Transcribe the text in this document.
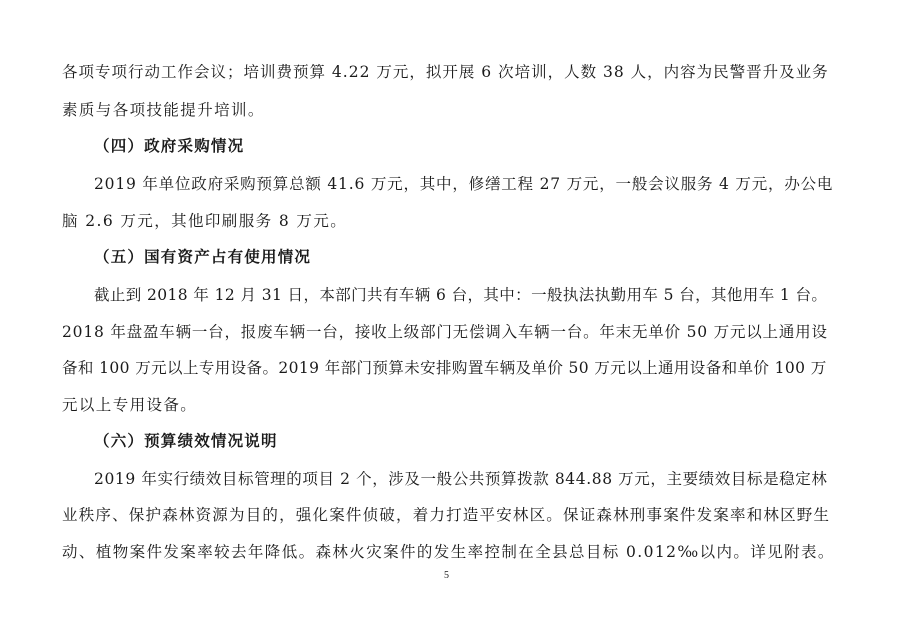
各项专项行动工作会议；培训费预算 4.22 万元，拟开展 6 次培训，人数 38 人，内容为民警晋升及业务
素质与各项技能提升培训。
（四）政府采购情况
2019 年单位政府采购预算总额 41.6 万元，其中，修缮工程 27 万元，一般会议服务 4 万元，办公电
脑 2.6 万元，其他印刷服务 8 万元。
（五）国有资产占有使用情况
截止到 2018 年 12 月 31 日，本部门共有车辆 6 台，其中：一般执法执勤用车 5 台，其他用车 1 台。
2018 年盘盈车辆一台，报废车辆一台，接收上级部门无偿调入车辆一台。年末无单价 50 万元以上通用设
备和 100 万元以上专用设备。2019 年部门预算未安排购置车辆及单价 50 万元以上通用设备和单价 100 万
元以上专用设备。
（六）预算绩效情况说明
2019 年实行绩效目标管理的项目 2 个，涉及一般公共预算拨款 844.88 万元，主要绩效目标是稳定林
业秩序、保护森林资源为目的，强化案件侦破，着力打造平安林区。保证森林刑事案件发案率和林区野生
动、植物案件发案率较去年降低。森林火灾案件的发生率控制在全县总目标 0.012‰以内。详见附表。
5
